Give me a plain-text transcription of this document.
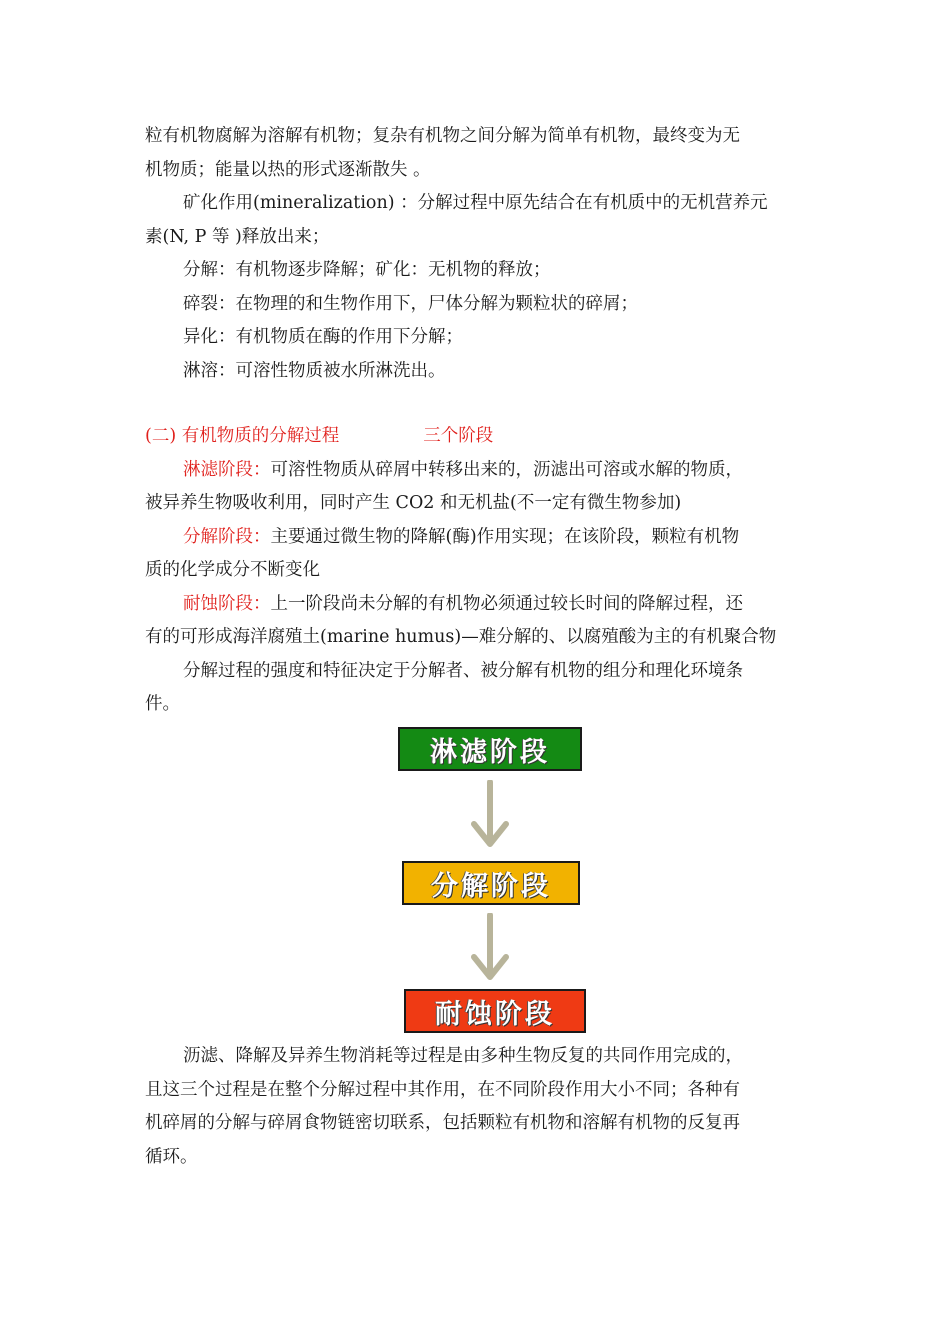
粒有机物腐解为溶解有机物；复杂有机物之间分解为简单有机物，最终变为无

机物质；能量以热的形式逐渐散失 。

矿化作用(mineralization) ：分解过程中原先结合在有机质中的无机营养元

素(N, P 等 )释放出来；

分解：有机物逐步降解；矿化：无机物的释放；

碎裂：在物理的和生物作用下，尸体分解为颗粒状的碎屑；

异化：有机物质在酶的作用下分解；

淋溶：可溶性物质被水所淋洗出。

(二) 有机物质的分解过程	三个阶段

淋滤阶段：可溶性物质从碎屑中转移出来的，沥滤出可溶或水解的物质，

被异养生物吸收利用，同时产生 CO2 和无机盐(不一定有微生物参加)

分解阶段：主要通过微生物的降解(酶)作用实现；在该阶段，颗粒有机物

质的化学成分不断变化

耐蚀阶段：上一阶段尚未分解的有机物必须通过较长时间的降解过程，还

有的可形成海洋腐殖土(marine humus)—难分解的、以腐殖酸为主的有机聚合物

分解过程的强度和特征决定于分解者、被分解有机物的组分和理化环境条

件。

淋滤阶段
分解阶段
耐蚀阶段

沥滤、降解及异养生物消耗等过程是由多种生物反复的共同作用完成的，

且这三个过程是在整个分解过程中其作用，在不同阶段作用大小不同；各种有

机碎屑的分解与碎屑食物链密切联系，包括颗粒有机物和溶解有机物的反复再

循环。
